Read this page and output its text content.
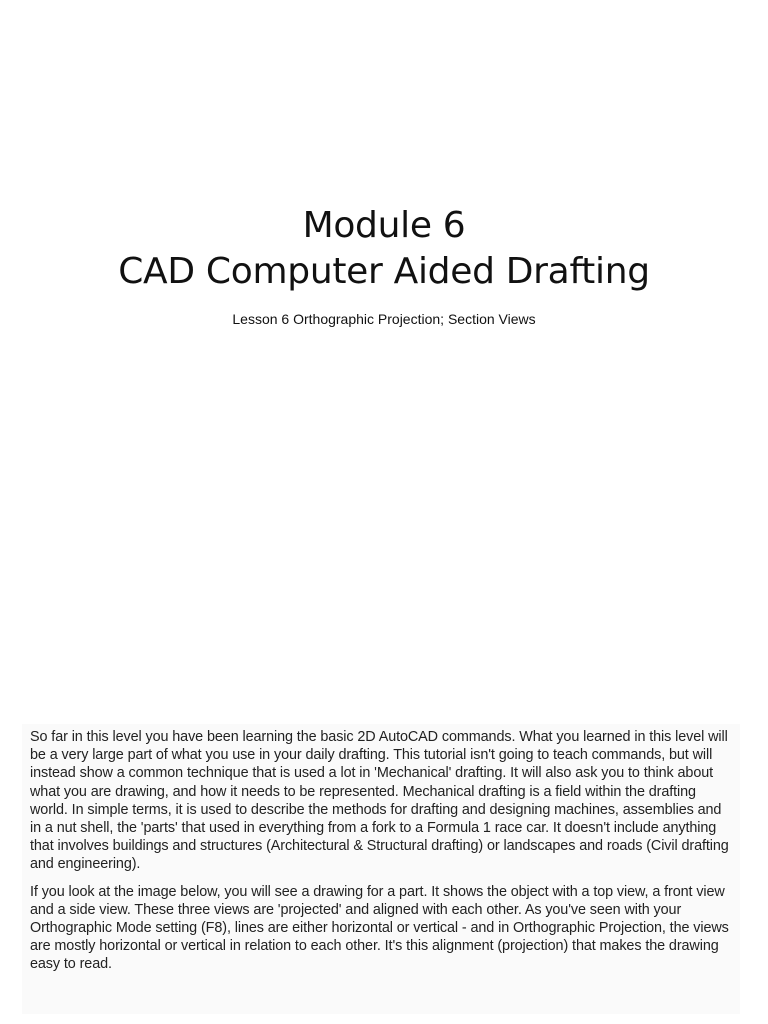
Module 6
CAD Computer Aided Drafting
Lesson 6 Orthographic Projection; Section Views

So far in this level you have been learning the basic 2D AutoCAD commands. What you learned in this level will be a very large part of what you use in your daily drafting. This tutorial isn't going to teach commands, but will instead show a common technique that is used a lot in 'Mechanical' drafting. It will also ask you to think about what you are drawing, and how it needs to be represented. Mechanical drafting is a field within the drafting world. In simple terms, it is used to describe the methods for drafting and designing machines, assemblies and in a nut shell, the 'parts' that used in everything from a fork to a Formula 1 race car. It doesn't include anything that involves buildings and structures (Architectural & Structural drafting) or landscapes and roads (Civil drafting and engineering).

If you look at the image below, you will see a drawing for a part. It shows the object with a top view, a front view and a side view. These three views are 'projected' and aligned with each other. As you've seen with your Orthographic Mode setting (F8), lines are either horizontal or vertical - and in Orthographic Projection, the views are mostly horizontal or vertical in relation to each other. It's this alignment (projection) that makes the drawing easy to read.
